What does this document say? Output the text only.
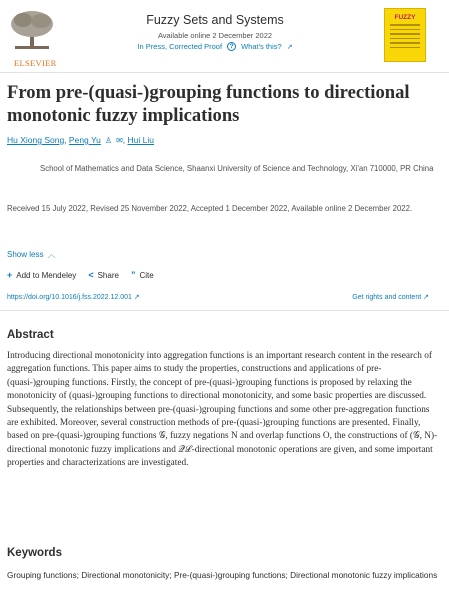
ELSEVIER
Fuzzy Sets and Systems
Available online 2 December 2022
In Press, Corrected Proof	?	What's this? ↗
FUZZY
From pre-(quasi-)grouping functions to directional monotonic fuzzy implications
Hu Xiong Song , Peng Yu ♙ ✉ , Hui Liu

School of Mathematics and Data Science, Shaanxi University of Science and Technology, Xi'an 710000, PR China

Received 15 July 2022, Revised 25 November 2022, Accepted 1 December 2022, Available online 2 December 2022.

Show less ︿
+ Add to Mendeley < Share ” Cite
https://doi.org/10.1016/j.fss.2022.12.001 ↗	Get rights and content ↗
Abstract

Introducing directional monotonicity into aggregation functions is an important research content in the research of aggregation functions. This paper aims to study the properties, constructions and applications of pre-(quasi-)grouping functions. Firstly, the concept of pre-(quasi-)grouping functions is proposed by relaxing the monotonicity of (quasi-)grouping functions to directional monotonicity, and some basic properties are discussed. Subsequently, the relationships between pre-(quasi-)grouping functions and some other pre-aggregation functions are exhibited. Moreover, several construction methods of pre-(quasi-)grouping functions are presented. Finally, based on pre-(quasi-)grouping functions 𝒢, fuzzy negations N and overlap functions O, the constructions of (𝒢, N)-directional monotonic fuzzy implications and 𝒬ℒ-directional monotonic operations are given, and some important properties and characterizations are investigated.

Keywords

Grouping functions; Directional monotonicity; Pre-(quasi-)grouping functions; Directional monotonic fuzzy implications
